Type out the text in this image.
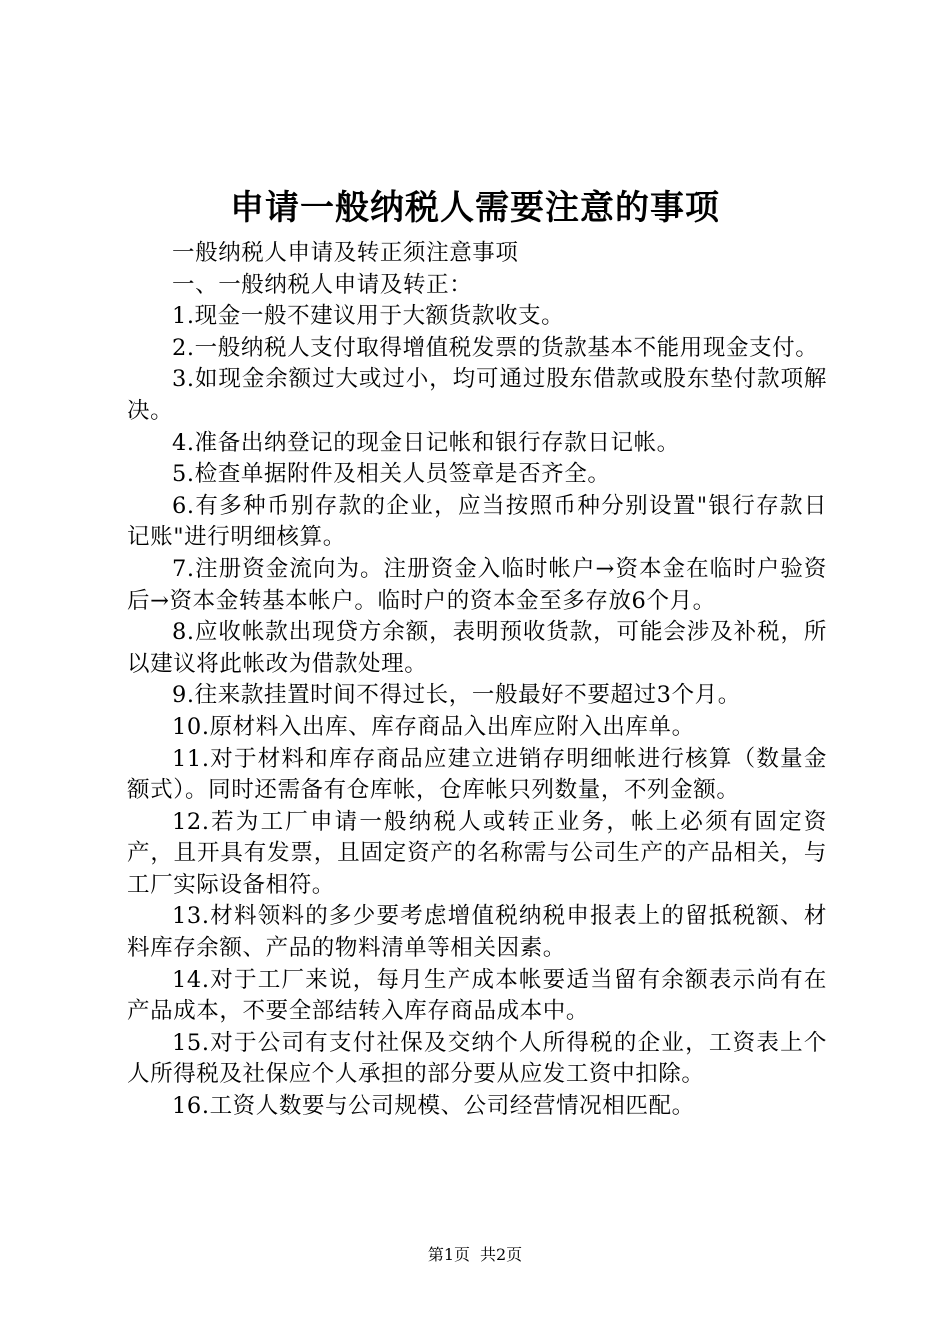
申请一般纳税人需要注意的事项

一般纳税人申请及转正须注意事项

一、一般纳税人申请及转正：

1.现金一般不建议用于大额货款收支。

2.一般纳税人支付取得增值税发票的货款基本不能用现金支付。

3.如现金余额过大或过小，均可通过股东借款或股东垫付款项解决。

4.准备出纳登记的现金日记帐和银行存款日记帐。

5.检查单据附件及相关人员签章是否齐全。

6.有多种币别存款的企业，应当按照币种分别设置"银行存款日记账"进行明细核算。

7.注册资金流向为。注册资金入临时帐户→资本金在临时户验资后→资本金转基本帐户。临时户的资本金至多存放6个月。

8.应收帐款出现贷方余额，表明预收货款，可能会涉及补税，所以建议将此帐改为借款处理。

9.往来款挂置时间不得过长，一般最好不要超过3个月。

10.原材料入出库、库存商品入出库应附入出库单。

11.对于材料和库存商品应建立进销存明细帐进行核算（数量金额式）。同时还需备有仓库帐，仓库帐只列数量，不列金额。

12.若为工厂申请一般纳税人或转正业务，帐上必须有固定资产，且开具有发票，且固定资产的名称需与公司生产的产品相关，与工厂实际设备相符。

13.材料领料的多少要考虑增值税纳税申报表上的留抵税额、材料库存余额、产品的物料清单等相关因素。

14.对于工厂来说，每月生产成本帐要适当留有余额表示尚有在产品成本，不要全部结转入库存商品成本中。

15.对于公司有支付社保及交纳个人所得税的企业，工资表上个人所得税及社保应个人承担的部分要从应发工资中扣除。

16.工资人数要与公司规模、公司经营情况相匹配。

第1页 共2页
